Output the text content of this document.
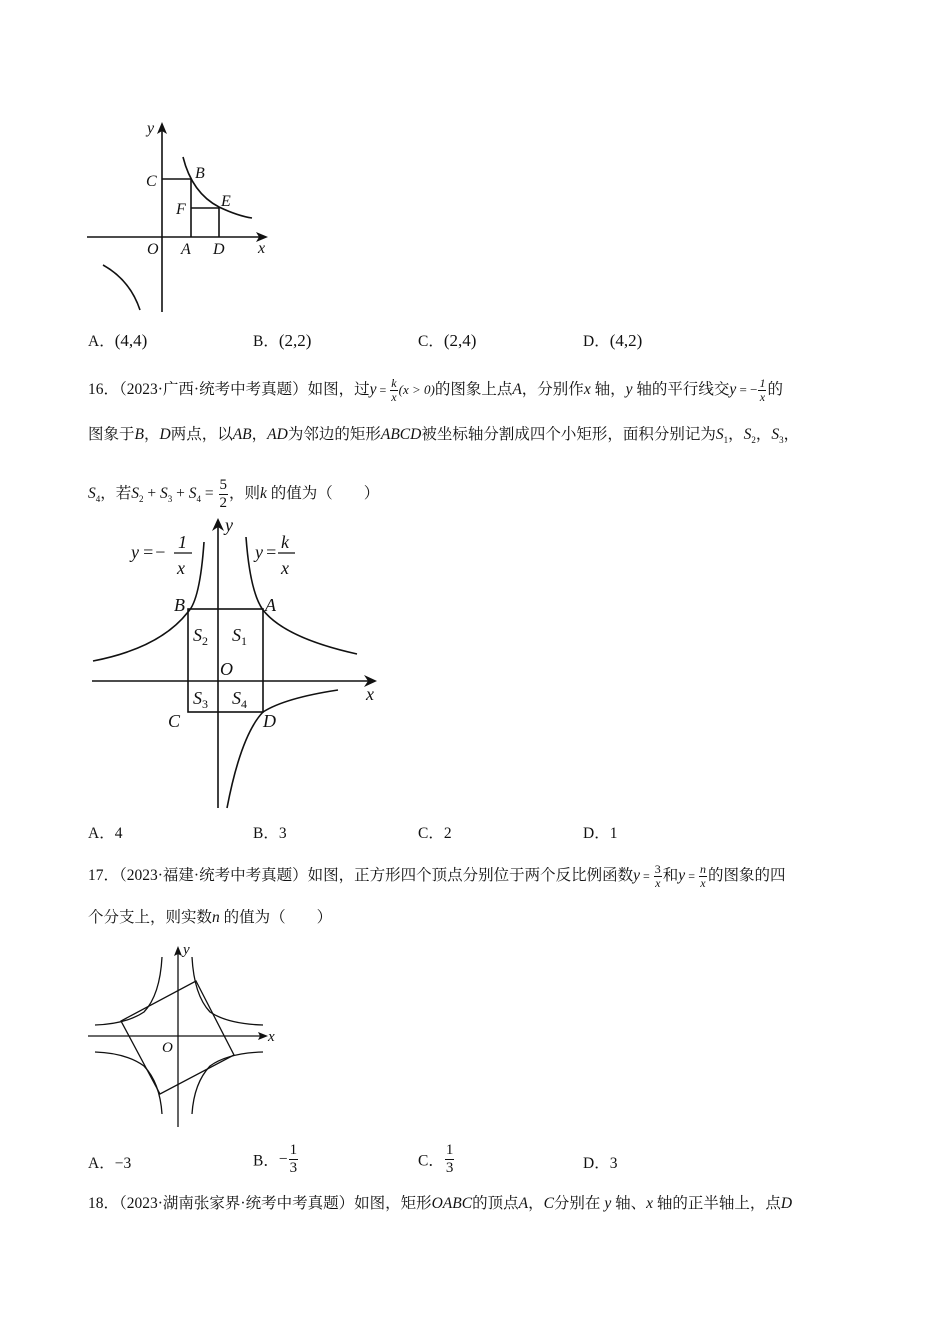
y
C B
F E
O A D x
A．(4,4)	B．(2,2)	C．(2,4)	D．(4,2)
16．（2023·广西·统考中考真题）如图，过$y = \frac{k}{x} (x > 0)$的图象上点A，分别作x 轴，y 轴的平行线交y = − $\frac{1}{x}$ 的
图象于B，D两点，以AB，AD为邻边的矩形ABCD被坐标轴分割成四个小矩形，面积分别记为$S_1$，$S_2$，$S_3$，
$S_4$，若$S_2 + S_3 + S_4 = \frac{5}{2}$ ，则k 的值为（　　）
y =− 1
x
y = k
x
y
B	A
O
x
C	D
$S_2$ $S_1$
$S_3$ $S_4$
A．4	B．3	C．2	D．1
17．（2023·福建·统考中考真题）如图，正方形四个顶点分别位于两个反比例函数$y = \frac{3}{x}$ 和$y = \frac{n}{x}$ 的图象的四
个分支上，则实数n 的值为（　　）
y
x
O
A．−3	B．− $\frac{1}{3}$	C． $\frac{1}{3}$	D．3
18．（2023·湖南张家界·统考中考真题）如图，矩形OABC的顶点A，C分别在 y 轴、x 轴的正半轴上，点D
